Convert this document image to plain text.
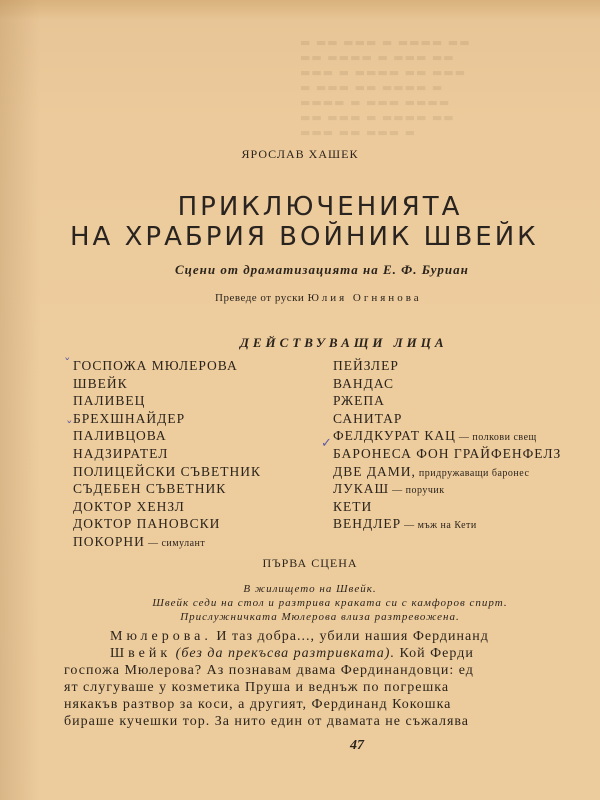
▬ ▬▬ ▬▬▬ ▬ ▬▬▬▬ ▬▬
▬▬ ▬▬▬▬ ▬ ▬▬▬ ▬▬
▬▬▬ ▬ ▬▬▬▬ ▬▬ ▬▬▬
▬ ▬▬▬ ▬▬ ▬▬▬▬ ▬
▬▬▬▬ ▬ ▬▬▬ ▬▬▬▬
▬▬ ▬▬▬ ▬ ▬▬▬▬ ▬▬
▬▬▬ ▬▬ ▬▬▬ ▬
ЯРОСЛАВ ХАШЕК
ПРИКЛЮЧЕНИЯТА
НА ХРАБРИЯ ВОЙНИК ШВЕЙК
Сцени от драматизацията на Е. Ф. Буриан
Преведе от руски Юлия Огнянова
ДЕЙСТВУВАЩИ ЛИЦА
ˇ
ˇ
✓
ГОСПОЖА МЮЛЕРОВА
ШВЕЙК
ПАЛИВЕЦ
БРЕХШНАЙДЕР
ПАЛИВЦОВА
НАДЗИРАТЕЛ
ПОЛИЦЕЙСКИ СЪВЕТНИК
СЪДЕБЕН СЪВЕТНИК
ДОКТОР ХЕНЗЛ
ДОКТОР ПАНОВСКИ
ПОКОРНИ — симулант
ПЕЙЗЛЕР
ВАНДАС
РЖЕПА
САНИТАР
ФЕЛДКУРАТ КАЦ — полкови свещ
БАРОНЕСА ФОН ГРАЙФЕНФЕЛЗ
ДВЕ ДАМИ, придружаващи баронес
ЛУКАШ — поручик
КЕТИ
ВЕНДЛЕР — мъж на Кети
ПЪРВА СЦЕНА
В жилището на Швейк.
Швейк седи на стол и разтрива краката си с камфоров спирт.
Прислужничката Мюлерова влиза разтревожена.

Мюлерова. И таз добра..., убили нашия Фердинанд

Швейк (без да прекъсва разтривката). Кой Ферди

госпожа Мюлерова? Аз познавам двама Фердинандовци: ед

ят слугуваше у козметика Пруша и веднъж по погрешка

някакъв разтвор за коси, а другият, Фердинанд Кокошка

бираше кучешки тор. За нито един от двамата не съжалява

47
